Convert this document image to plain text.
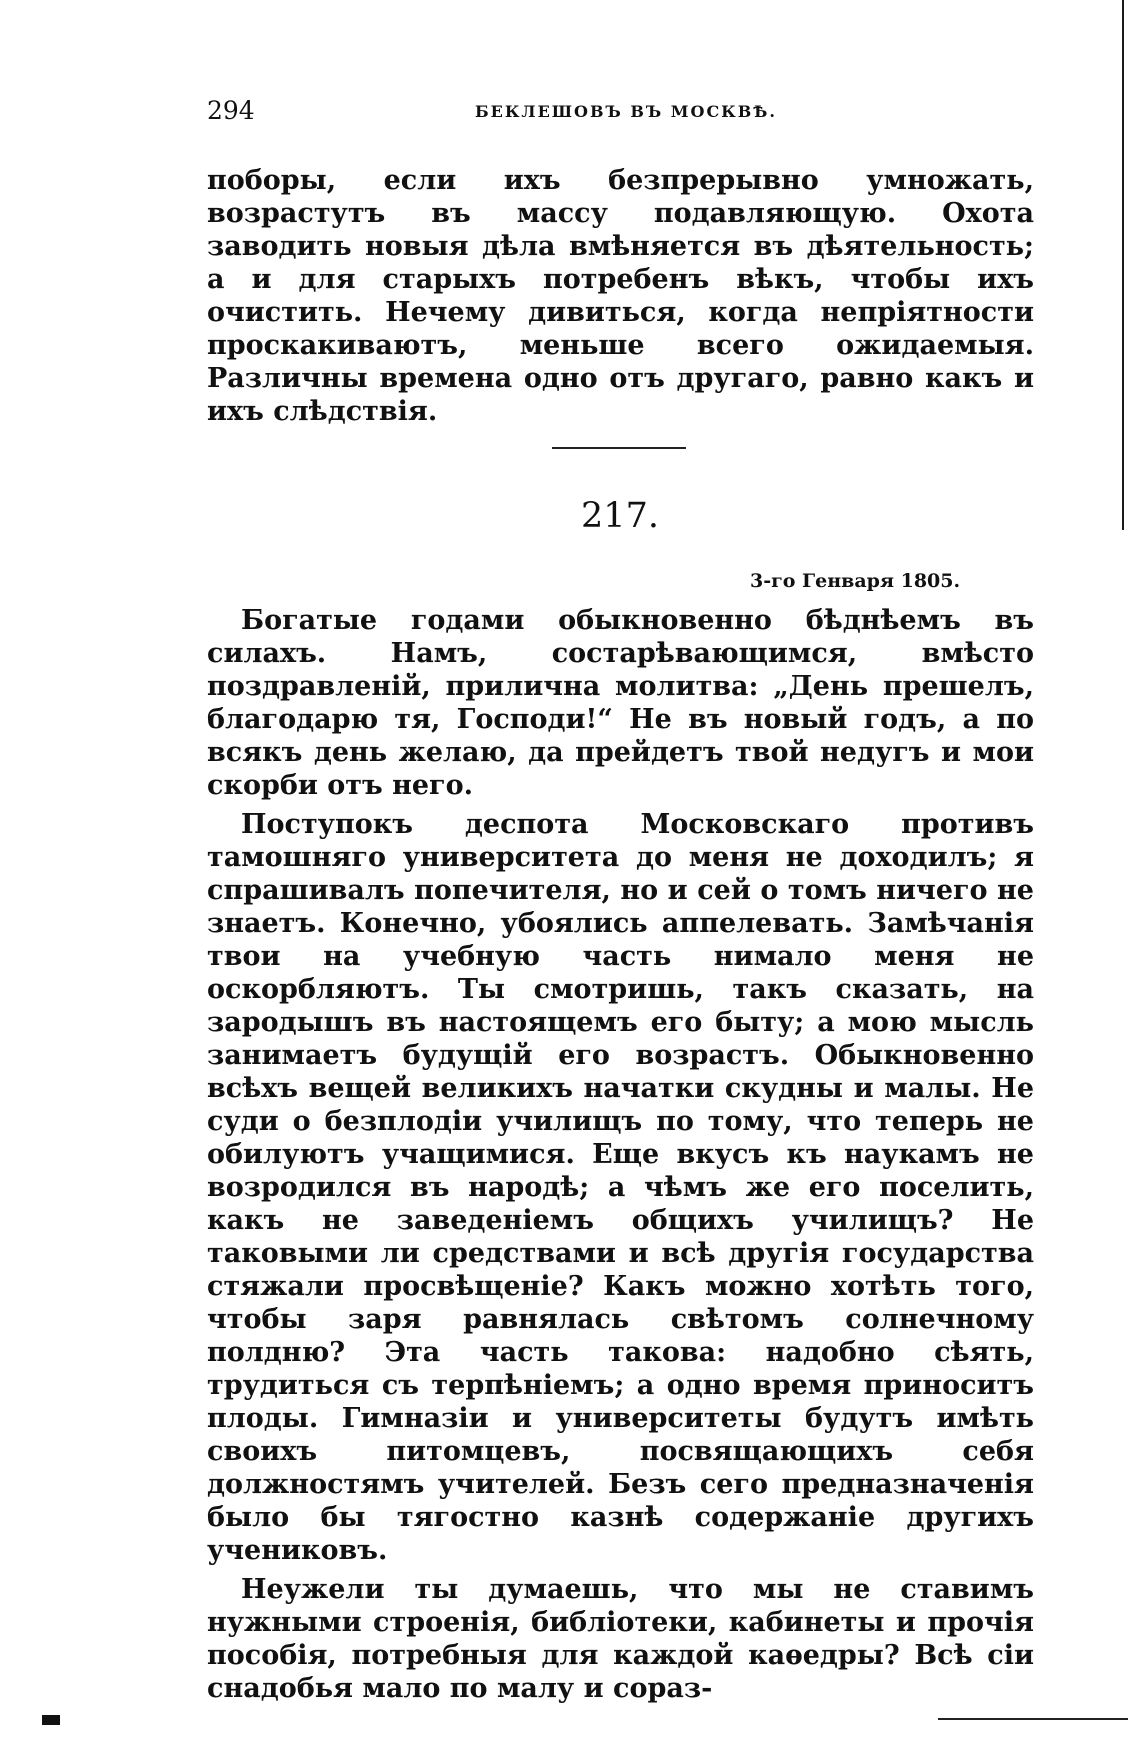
294	БЕКЛЕШОВЪ ВЪ МОСКВѢ.

поборы, если ихъ безпрерывно умножать, возрастутъ въ массу подавляющую. Охота заводить новыя дѣла вмѣняется въ дѣятельность; а и для старыхъ потребенъ вѣкъ, чтобы ихъ очистить. Нечему дивиться, когда непріятности проскакиваютъ, меньше всего ожидаемыя. Различны времена одно отъ другаго, равно какъ и ихъ слѣдствія.

217.
3-го Генваря 1805.

Богатые годами обыкновенно бѣднѣемъ въ силахъ. Намъ, состарѣвающимся, вмѣсто поздравленій, прилична молитва: „День прешелъ, благодарю тя, Господи!“ Не въ новый годъ, а по всякъ день желаю, да прейдетъ твой недугъ и мои скорби отъ него.

Поступокъ деспота Московскаго противъ тамошняго университета до меня не доходилъ; я спрашивалъ попечителя, но и сей о томъ ничего не знаетъ. Конечно, убоялись аппелевать. Замѣчанія твои на учебную часть нимало меня не оскорбляютъ. Ты смотришь, такъ сказать, на зародышъ въ настоящемъ его быту; а мою мысль занимаетъ будущій его возрастъ. Обыкновенно всѣхъ вещей великихъ начатки скудны и малы. Не суди о безплодіи училищъ по тому, что теперь не обилуютъ учащимися. Еще вкусъ къ наукамъ не возродился въ народѣ; а чѣмъ же его поселить, какъ не заведеніемъ общихъ училищъ? Не таковыми ли средствами и всѣ другія государства стяжали просвѣщеніе? Какъ можно хотѣть того, чтобы заря равнялась свѣтомъ солнечному полдню? Эта часть такова: надобно сѣять, трудиться съ терпѣніемъ; а одно время приноситъ плоды. Гимназіи и университеты будутъ имѣть своихъ питомцевъ, посвящающихъ себя должностямъ учителей. Безъ сего предназначенія было бы тягостно казнѣ содержаніе другихъ учениковъ.

Неужели ты думаешь, что мы не ставимъ нужными строенія, библіотеки, кабинеты и прочія пособія, потребныя для каждой каѳедры? Всѣ сіи снадобья мало по малу и сораз-
